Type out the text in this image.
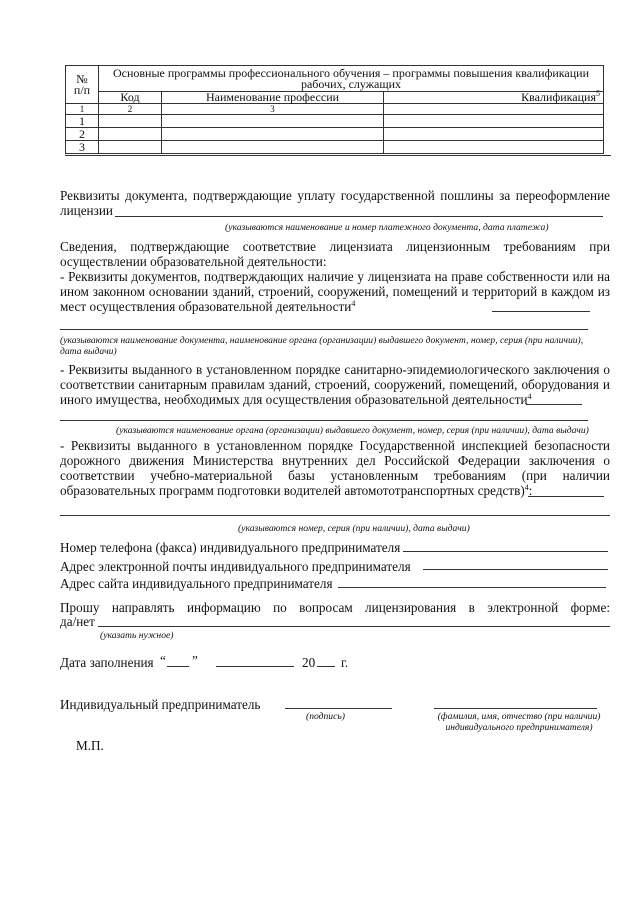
№
п/п	Основные программы профессионального обучения – программы повышения квалификации рабочих, служащих		
	Код	Наименование профессии	Квалификация$^5$
1	2	3	
1			
2			
3			
Реквизиты документа, подтверждающие уплату государственной пошлины за переоформление
лицензии
(указываются наименование и номер платежного документа, дата платежа)
Сведения, подтверждающие соответствие лицензиата лицензионным требованиям при осуществлении образовательной деятельности:
- Реквизиты документов, подтверждающих наличие у лицензиата на праве собственности или на ином законном основании зданий, строений, сооружений, помещений и территорий в каждом из мест осуществления образовательной деятельности$^4$
(указываются наименование документа, наименование органа (организации) выдавшего документ, номер, серия (при наличии), дата выдачи)
- Реквизиты выданного в установленном порядке санитарно-эпидемиологического заключения о соответствии санитарным правилам зданий, строений, сооружений, помещений, оборудования и иного имущества, необходимых для осуществления образовательной деятельности$^4$
(указываются наименование органа (организации) выдавшего документ, номер, серия (при наличии), дата выдачи)
- Реквизиты выданного в установленном порядке Государственной инспекцией безопасности дорожного движения Министерства внутренних дел Российской Федерации заключения о соответствии учебно-материальной базы установленным требованиям (при наличии образовательных программ подготовки водителей автомототранспортных средств)$^4$:
(указываются номер, серия (при наличии), дата выдачи)
Номер телефона (факса) индивидуального предпринимателя
Адрес электронной почты индивидуального предпринимателя
Адрес сайта индивидуального предпринимателя
Прошу направлять информацию по вопросам лицензирования в электронной форме:
да/нет
(указать нужное)
Дата заполнения “ ”	20 г.
Индивидуальный предприниматель
(подпись)	(фамилия, имя, отчество (при наличии) индивидуального предпринимателя)
М.П.
